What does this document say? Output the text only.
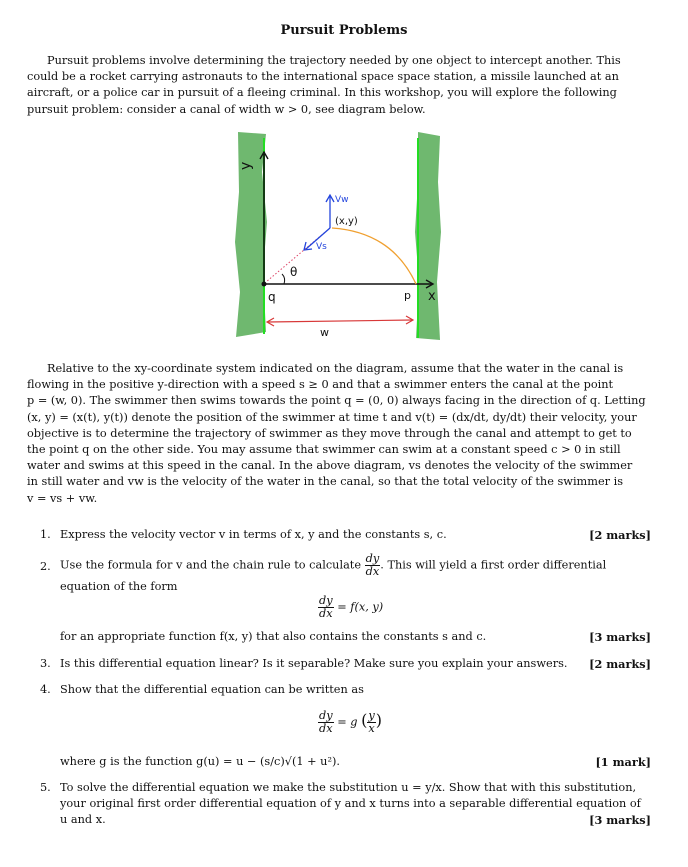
Pursuit Problems
Pursuit problems involve determining the trajectory needed by one object to intercept another. This
could be a rocket carrying astronauts to the international space space station, a missile launched at an
aircraft, or a police car in pursuit of a fleeing criminal. In this workshop, you will explore the following
pursuit problem: consider a canal of width w > 0, see diagram below.
y
x
q	p
w
θ
(x,y)
Vw
Vs
Relative to the xy-coordinate system indicated on the diagram, assume that the water in the canal is
flowing in the positive y-direction with a speed s ≥ 0 and that a swimmer enters the canal at the point
p = (w, 0). The swimmer then swims towards the point q = (0, 0) always facing in the direction of q. Letting
(x, y) = (x(t), y(t)) denote the position of the swimmer at time t and v(t) = (dx/dt, dy/dt) their velocity, your
objective is to determine the trajectory of swimmer as they move through the canal and attempt to get to
the point q on the other side. You may assume that swimmer can swim at a constant speed c > 0 in still
water and swims at this speed in the canal. In the above diagram, vs denotes the velocity of the swimmer
in still water and vw is the velocity of the water in the canal, so that the total velocity of the swimmer is
v = vs + vw.
1. Express the velocity vector v in terms of x, y and the constants s, c.	[2 marks]
2. Use the formula for v and the chain rule to calculate $\frac{dy}{dx}$ . This will yield a first order differential
equation of the form
$\frac{dy}{dx} = f(x$, y)
for an appropriate function f(x, y) that also contains the constants s and c.	[3 marks]
3. Is this differential equation linear? Is it separable? Make sure you explain your answers.	[2 marks]
4. Show that the differential equation can be written as
$\frac{dy}{dx} = g$ ( $\frac{y}{x}$ )
where g is the function g(u) = u − (s/c)√(1 + u²).	[1 mark]
5. To solve the differential equation we make the substitution u = y/x. Show that with this substitution,
your original first order differential equation of y and x turns into a separable differential equation of
u and x.	[3 marks]
